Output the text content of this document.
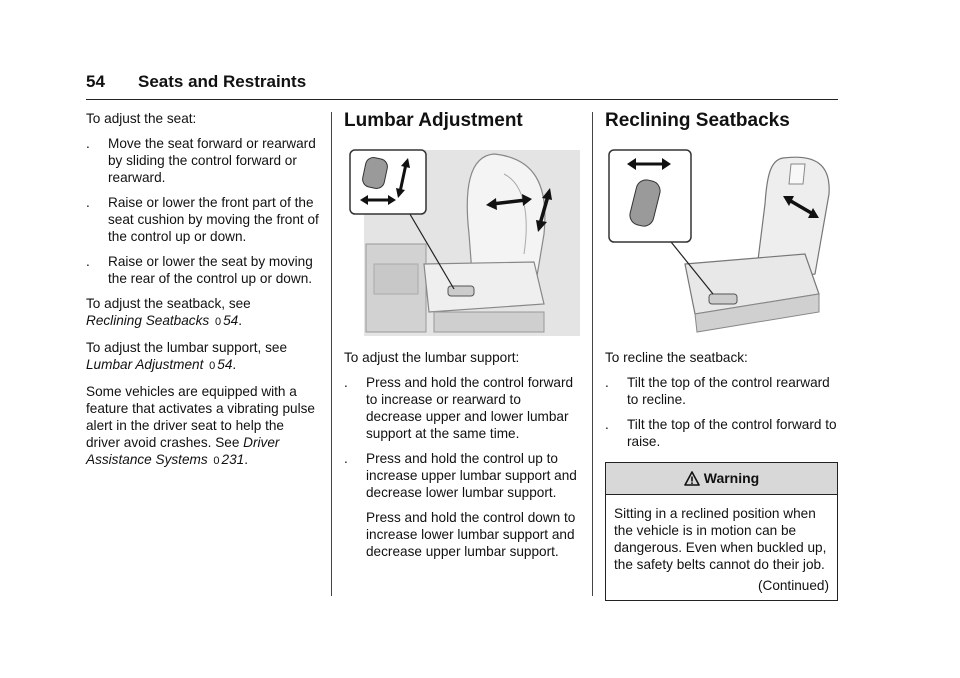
54 Seats and Restraints

To adjust the seat:

. Move the seat forward or rearward by sliding the control forward or rearward.
. Raise or lower the front part of the seat cushion by moving the front of the control up or down.
. Raise or lower the seat by moving the rear of the control up or down.

To adjust the seatback, see
Reclining Seatbacks 0 54.

To adjust the lumbar support, see
Lumbar Adjustment 0 54.

Some vehicles are equipped with a feature that activates a vibrating pulse alert in the driver seat to help the driver avoid crashes. See Driver Assistance Systems 0 231.

Lumbar Adjustment

To adjust the lumbar support:

. Press and hold the control forward to increase or rearward to decrease upper and lower lumbar support at the same time.
. Press and hold the control up to increase upper lumbar support and decrease lower lumbar support.
Press and hold the control down to increase lower lumbar support and decrease upper lumbar support.
Reclining Seatbacks

To recline the seatback:

. Tilt the top of the control rearward to recline.
. Tilt the top of the control forward to raise.
Warning
Sitting in a reclined position when the vehicle is in motion can be dangerous. Even when buckled up, the safety belts cannot do their job.
(Continued)
